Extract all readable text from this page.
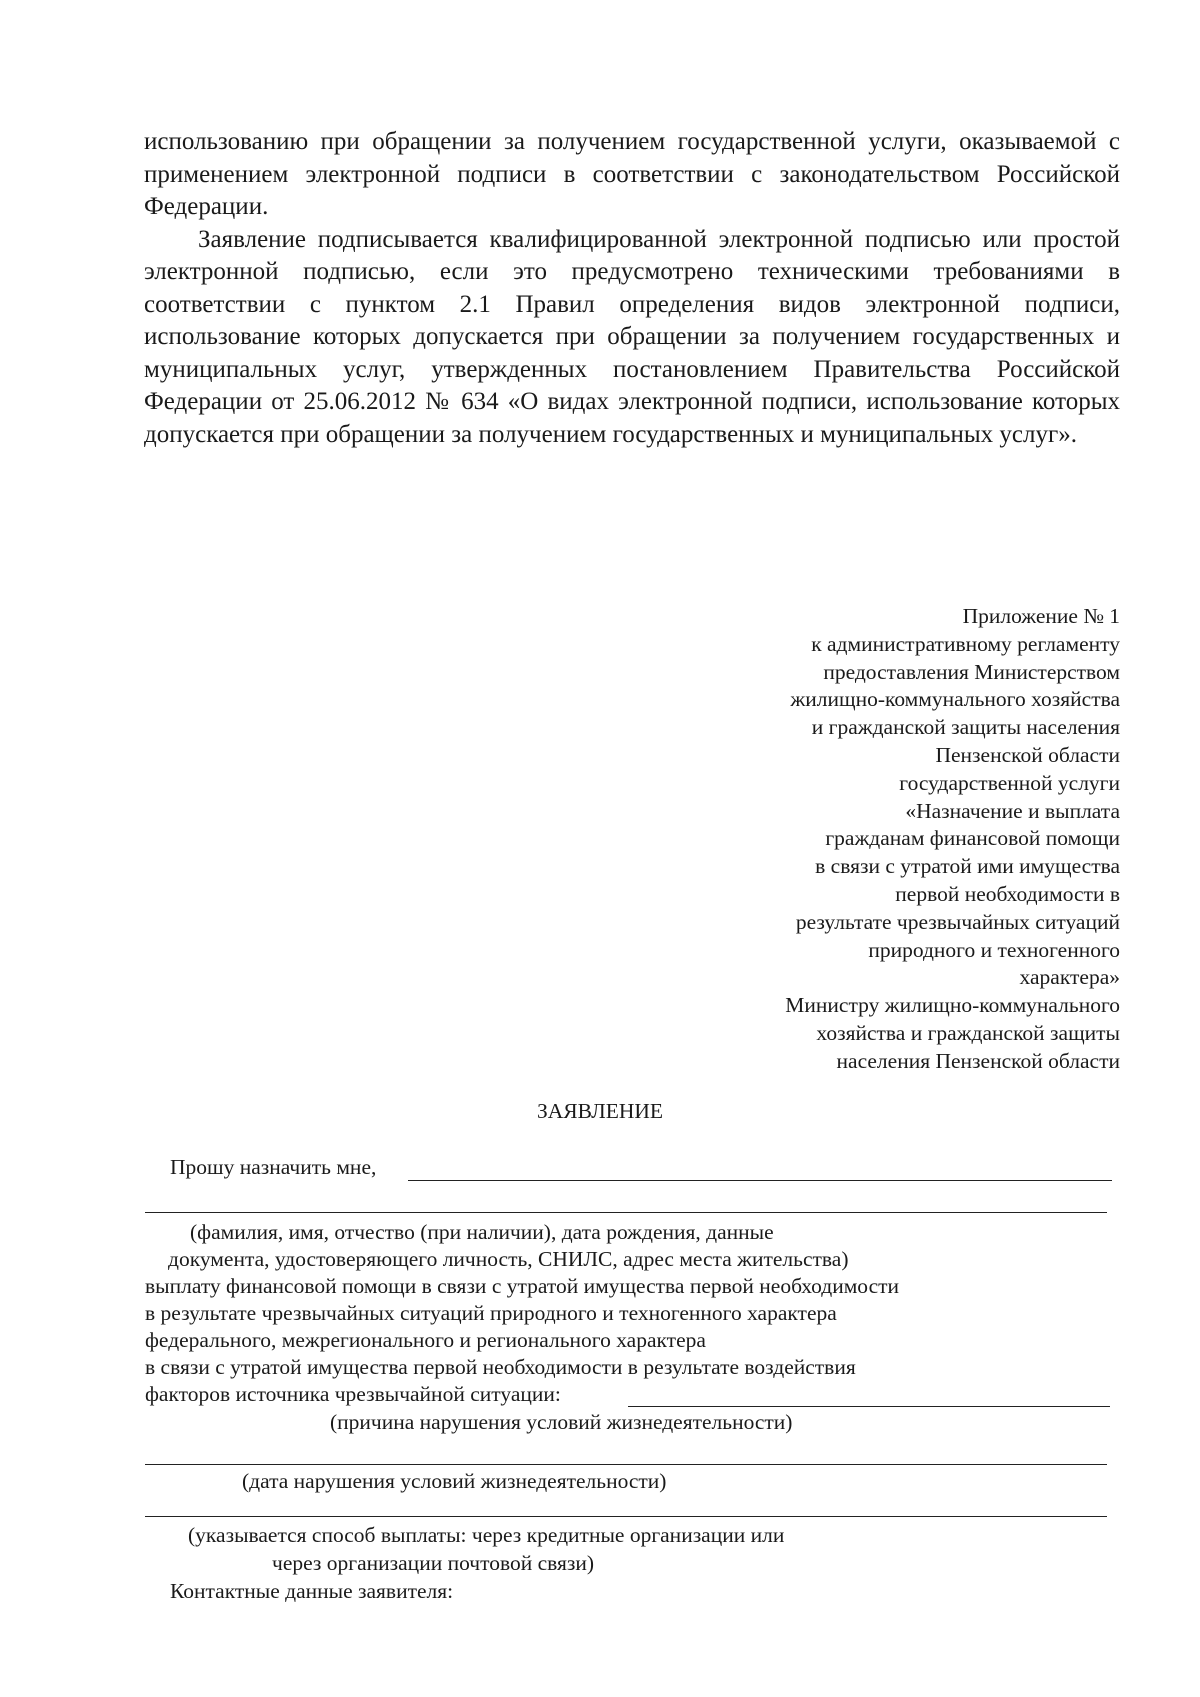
использованию при обращении за получением государственной услуги, оказываемой с применением электронной подписи в соответствии с законодательством Российской Федерации.

Заявление подписывается квалифицированной электронной подписью или простой электронной подписью, если это предусмотрено техническими требованиями в соответствии с пунктом 2.1 Правил определения видов электронной подписи, использование которых допускается при обращении за получением государственных и муниципальных услуг, утвержденных постановлением Правительства Российской Федерации от 25.06.2012 № 634 «О видах электронной подписи, использование которых допускается при обращении за получением государственных и муниципальных услуг».

Приложение № 1
к административному регламенту
предоставления Министерством
жилищно-коммунального хозяйства
и гражданской защиты населения
Пензенской области
государственной услуги
«Назначение и выплата
гражданам финансовой помощи
в связи с утратой ими имущества
первой необходимости в
результате чрезвычайных ситуаций
природного и техногенного
характера»
Министру жилищно-коммунального
хозяйства и гражданской защиты
населения Пензенской области
ЗАЯВЛЕНИЕ
Прошу назначить мне,
(фамилия, имя, отчество (при наличии), дата рождения, данные
документа, удостоверяющего личность, СНИЛС, адрес места жительства)
выплату финансовой помощи в связи с утратой имущества первой необходимости
в результате чрезвычайных ситуаций природного и техногенного характера
федерального, межрегионального и регионального характера
в связи с утратой имущества первой необходимости в результате воздействия
факторов источника чрезвычайной ситуации:
(причина нарушения условий жизнедеятельности)
(дата нарушения условий жизнедеятельности)
(указывается способ выплаты: через кредитные организации или
через организации почтовой связи)
Контактные данные заявителя:
